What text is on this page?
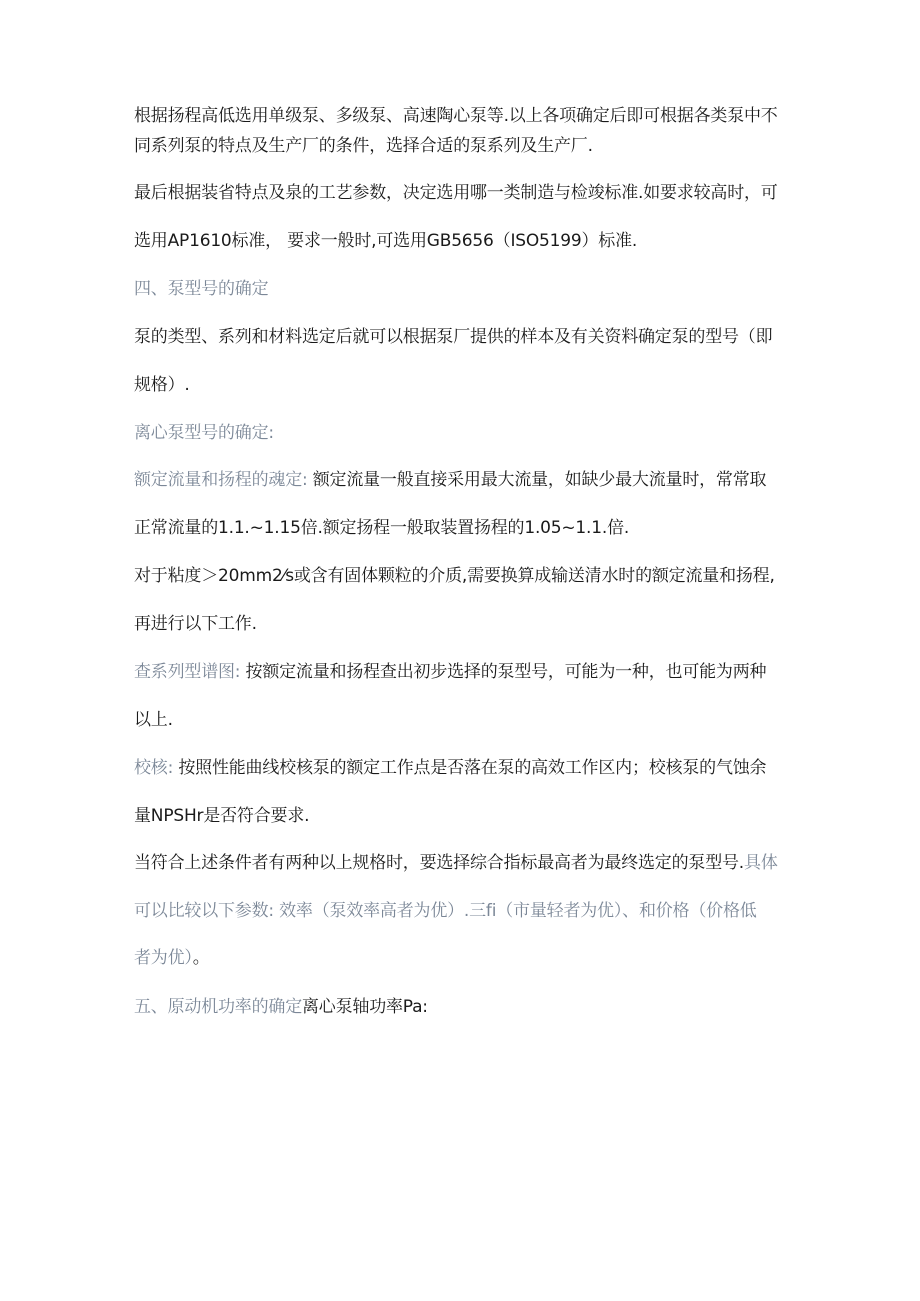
根据扬程高低选用单级泵、多级泵、高速陶心泵等.以上各项确定后即可根据各类泵中不

同系列泵的特点及生产厂的条件，选择合适的泵系列及生产厂.

最后根据装省特点及泉的工艺参数，决定选用哪一类制造与检竣标准.如要求较高时，可

选用AP1610标准， 要求一般时,可选用GB5656（ISO5199）标准.

四、泵型号的确定

泵的类型、系列和材料选定后就可以根据泵厂提供的样本及有关资料确定泵的型号（即

规格）.

离心泵型号的确定:

额定流量和扬程的魂定: 额定流量一般直接采用最大流量，如缺少最大流量时，常常取

正常流量的1.1.~1.15倍.额定扬程一般取装置扬程的1.05~1.1.倍.

对于粘度＞20mm2⁄s或含有固体颗粒的介质,需要换算成输送清水时的额定流量和扬程,

再进行以下工作.

查系列型谱图: 按额定流量和扬程查出初步选择的泵型号，可能为一种，也可能为两种

以上.

校核: 按照性能曲线校核泵的额定工作点是否落在泵的高效工作区内；校核泵的气蚀余

量NPSHr是否符合要求.

当符合上述条件者有两种以上规格时，要选择综合指标最高者为最终选定的泵型号.具体

可以比较以下参数: 效率（泵效率高者为优）.三fi（市量轻者为优）、和价格（价格低

者为优）。

五、原动机功率的确定离心泵轴功率Pa:
